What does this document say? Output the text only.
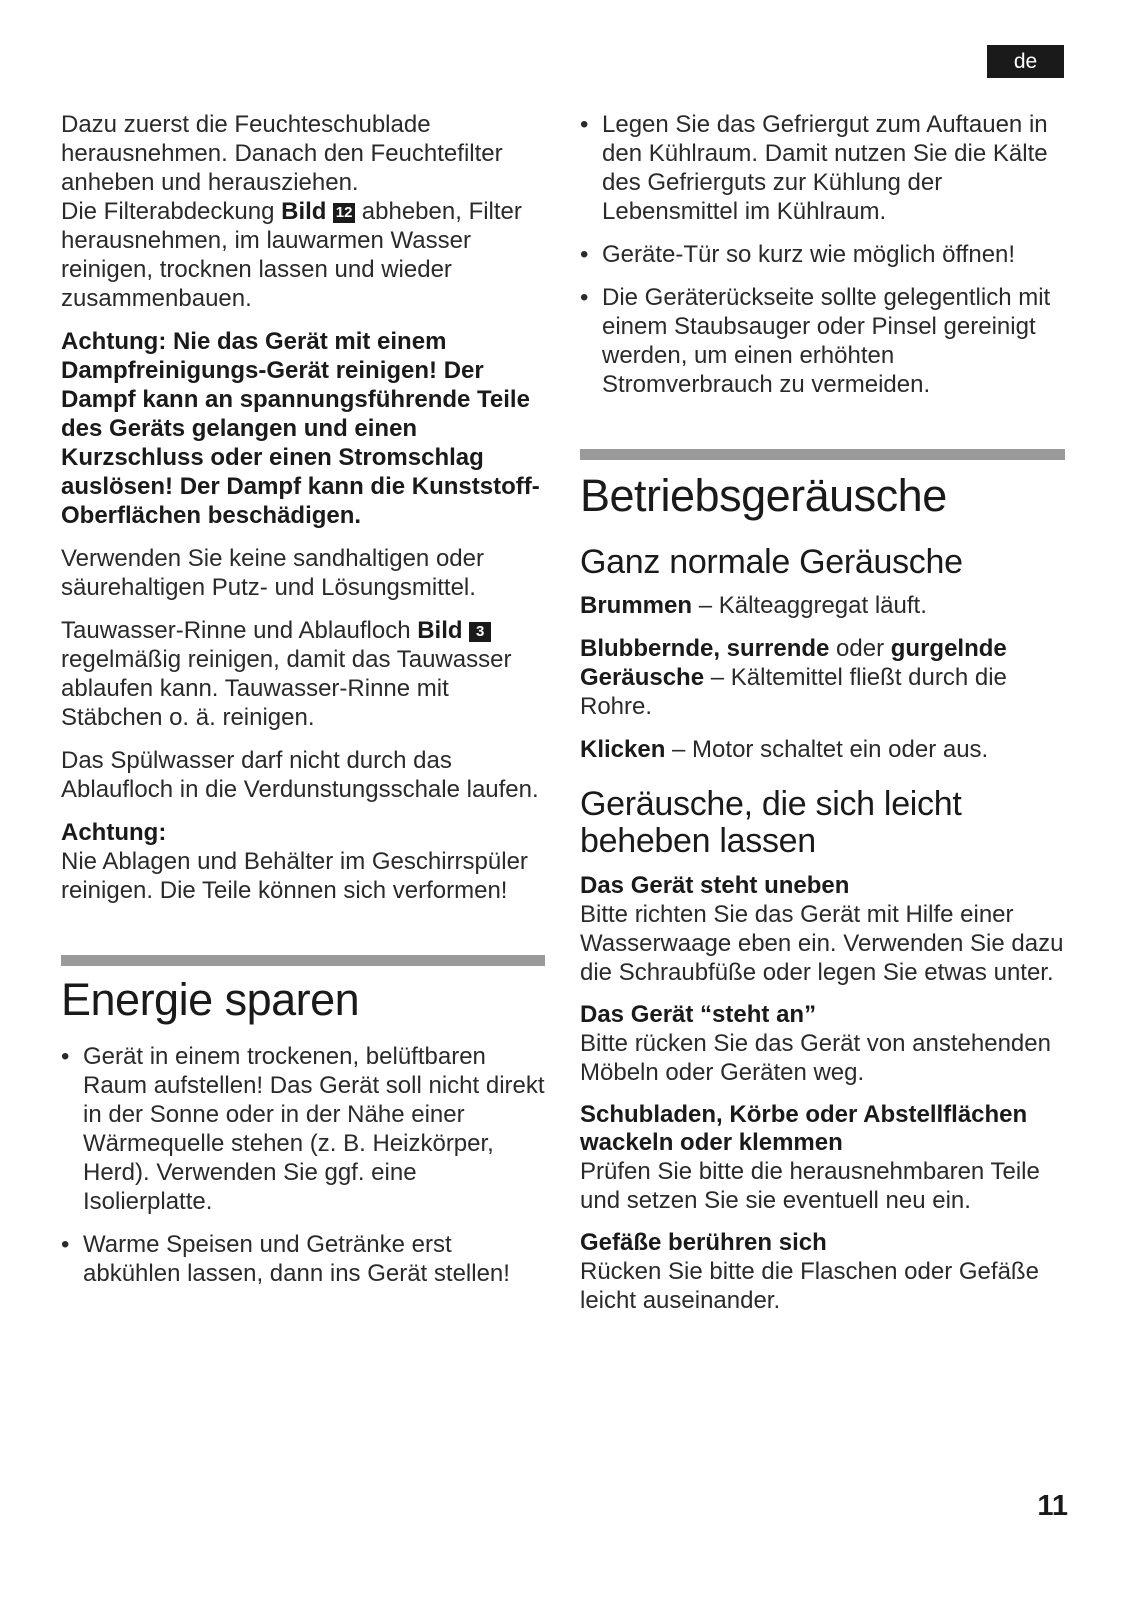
de

Dazu zuerst die Feuchteschublade herausnehmen. Danach den Feuchtefilter anheben und herausziehen.

Die Filterabdeckung Bild 12 abheben, Filter herausnehmen, im lauwarmen Wasser reinigen, trocknen lassen und wieder zusammenbauen.

Achtung: Nie das Gerät mit einem Dampfreinigungs-Gerät reinigen! Der Dampf kann an spannungsführende Teile des Geräts gelangen und einen Kurzschluss oder einen Stromschlag auslösen! Der Dampf kann die Kunststoff- Oberflächen beschädigen.

Verwenden Sie keine sandhaltigen oder säurehaltigen Putz- und Lösungsmittel.

Tauwasser-Rinne und Ablaufloch Bild 3 regelmäßig reinigen, damit das Tauwasser ablaufen kann. Tauwasser-Rinne mit Stäbchen o. ä. reinigen.

Das Spülwasser darf nicht durch das Ablaufloch in die Verdunstungsschale laufen.

Achtung:
Nie Ablagen und Behälter im Geschirrspüler reinigen. Die Teile können sich verformen!

Energie sparen
• Gerät in einem trockenen, belüftbaren Raum aufstellen! Das Gerät soll nicht direkt in der Sonne oder in der Nähe einer Wärmequelle stehen (z. B. Heizkörper, Herd). Verwenden Sie ggf. eine Isolierplatte.
• Warme Speisen und Getränke erst abkühlen lassen, dann ins Gerät stellen!
• Legen Sie das Gefriergut zum Auftauen in den Kühlraum. Damit nutzen Sie die Kälte des Gefrierguts zur Kühlung der Lebensmittel im Kühlraum.
• Geräte-Tür so kurz wie möglich öffnen!
• Die Geräterückseite sollte gelegentlich mit einem Staubsauger oder Pinsel gereinigt werden, um einen erhöhten Stromverbrauch zu vermeiden.
Betriebsgeräusche
Ganz normale Geräusche

Brummen – Kälteaggregat läuft.

Blubbernde, surrende oder gurgelnde Geräusche – Kältemittel fließt durch die Rohre.

Klicken – Motor schaltet ein oder aus.

Geräusche, die sich leicht beheben lassen
Das Gerät steht uneben

Bitte richten Sie das Gerät mit Hilfe einer Wasserwaage eben ein. Verwenden Sie dazu die Schraubfüße oder legen Sie etwas unter.

Das Gerät “steht an”

Bitte rücken Sie das Gerät von anstehenden Möbeln oder Geräten weg.

Schubladen, Körbe oder Abstellflächen wackeln oder klemmen

Prüfen Sie bitte die herausnehmbaren Teile und setzen Sie sie eventuell neu ein.

Gefäße berühren sich

Rücken Sie bitte die Flaschen oder Gefäße leicht auseinander.

11
